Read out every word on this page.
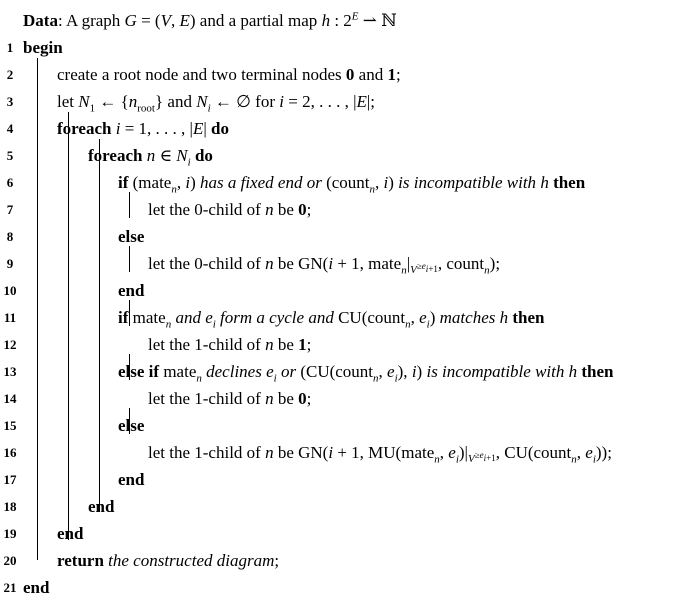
Data: A graph G = (V, E) and a partial map h : $2^E$ ⇀ ℕ
1 begin
2	create a root node and two terminal nodes 0 and 1;
3	let $N_1$ ← $\{n_{root}\}$ and $N_i$ ← ∅ for i = 2, . . . , |E|;
4	foreach i = 1, . . . , |E| do
5	foreach n ∈ $N_i$ do
6	if (mate$_n$, i) has a fixed end or (count$_n$, i) is incompatible with h then
7	let the 0-child of n be 0;
8	else
9	let the 0-child of n be GN(i + 1, $mate_n|_{V^{\ge e_{i+1}}}$, count$_n$);
10	end
11	if mate$_n$ and $e_i$ form a cycle and CU(count$_n$, $e_i$) matches h then
12	let the 1-child of n be 1;
13	else if mate$_n$ declines $e_i$ or (CU(count$_n$, $e_i$), i) is incompatible with h then
14	let the 1-child of n be 0;
15	else
16	let the 1-child of n be GN(i + 1, MU(mate$_n$, $e_i)|_{V^{\ge e_{i+1}}}$, CU(count$_n$, $e_i$));
17	end
18	end
19 end
20 return the constructed diagram;
21 end
